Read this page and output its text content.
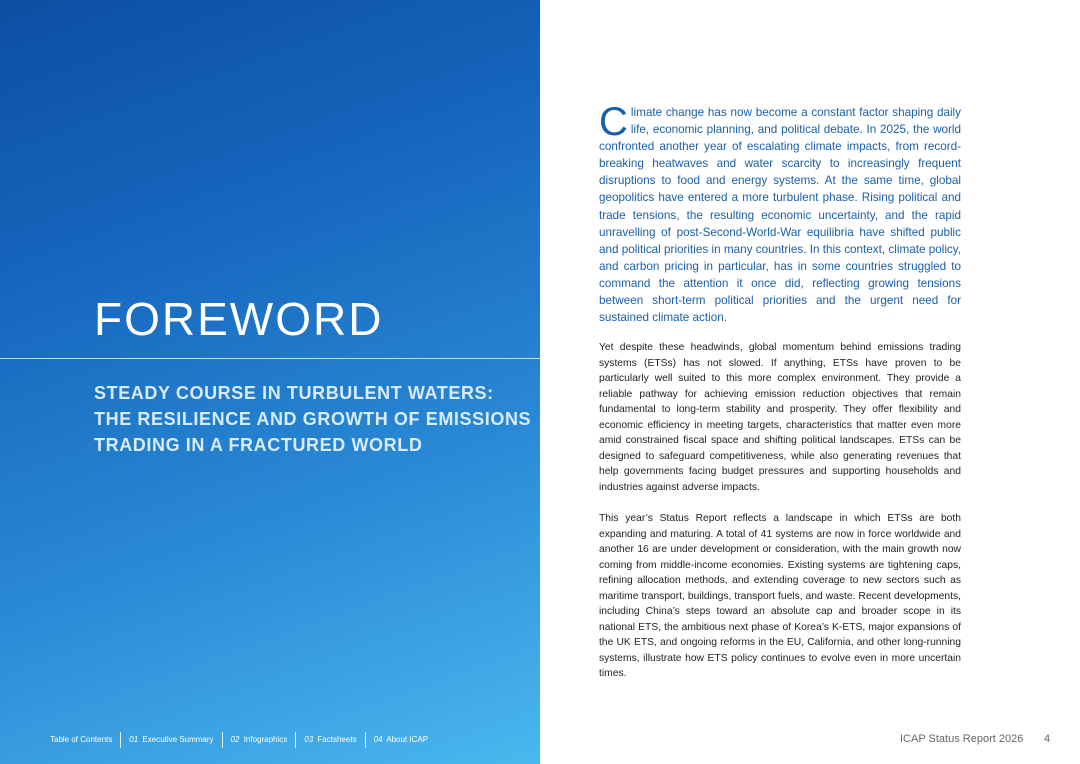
FOREWORD
STEADY COURSE IN TURBULENT WATERS:
THE RESILIENCE AND GROWTH OF EMISSIONS
TRADING IN A FRACTURED WORLD
Table of Contents	01 Executive Summary	02 Infographics	03 Factsheets	04 About ICAP

Climate change has now become a constant factor shaping daily life, economic planning, and political debate. In 2025, the world confronted another year of escalating climate impacts, from record-breaking heatwaves and water scarcity to increasingly frequent disruptions to food and energy systems. At the same time, global geopolitics have entered a more turbulent phase. Rising political and trade tensions, the resulting economic uncertainty, and the rapid unravelling of post-Second-World-War equilibria have shifted public and political priorities in many countries. In this context, climate policy, and carbon pricing in particular, has in some countries struggled to command the attention it once did, reflecting growing tensions between short-term political priorities and the urgent need for sustained climate action.

Yet despite these headwinds, global momentum behind emissions trading systems (ETSs) has not slowed. If anything, ETSs have proven to be particularly well suited to this more complex environment. They provide a reliable pathway for achieving emission reduction objectives that remain fundamental to long-term stability and prosperity. They offer flexibility and economic efficiency in meeting targets, characteristics that matter even more amid constrained fiscal space and shifting political landscapes. ETSs can be designed to safeguard competitiveness, while also generating revenues that help governments facing budget pressures and supporting households and industries against adverse impacts.

This year’s Status Report reflects a landscape in which ETSs are both expanding and maturing. A total of 41 systems are now in force worldwide and another 16 are under development or consideration, with the main growth now coming from middle-income economies. Existing systems are tightening caps, refining allocation methods, and extending coverage to new sectors such as maritime transport, buildings, transport fuels, and waste. Recent developments, including China’s steps toward an absolute cap and broader scope in its national ETS, the ambitious next phase of Korea’s K-ETS, major expansions of the UK ETS, and ongoing reforms in the EU, California, and other long-running systems, illustrate how ETS policy continues to evolve even in more uncertain times.

ICAP Status Report 2026 4
